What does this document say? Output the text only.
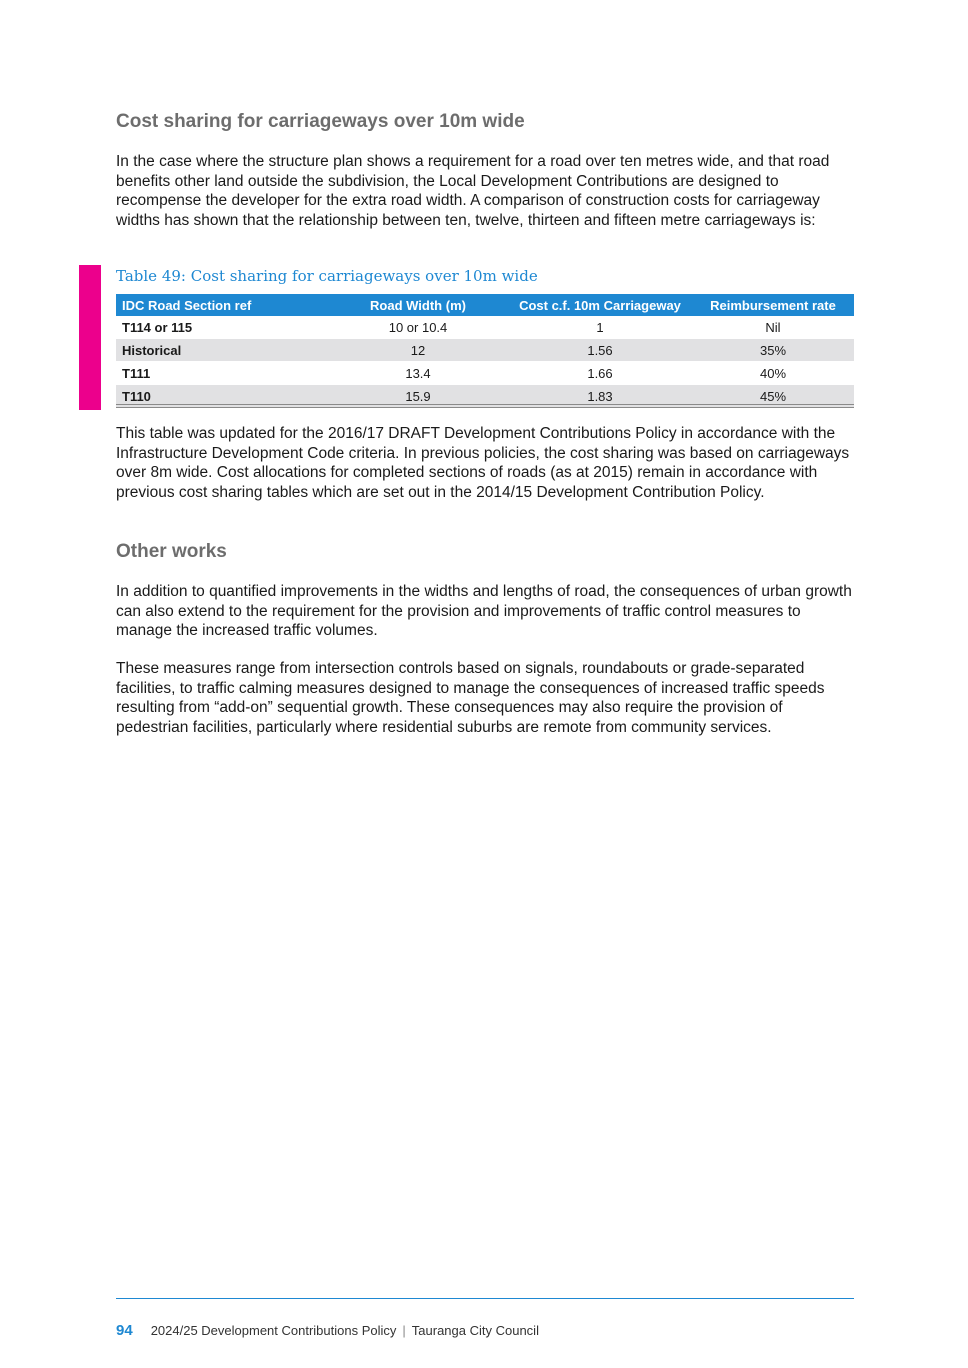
Cost sharing for carriageways over 10m wide

In the case where the structure plan shows a requirement for a road over ten metres wide, and that road benefits other land outside the subdivision, the Local Development Contributions are designed to recompense the developer for the extra road width. A comparison of construction costs for carriageway widths has shown that the relationship between ten, twelve, thirteen and fifteen metre carriageways is:

Table 49: Cost sharing for carriageways over 10m wide
IDC Road Section ref	Road Width (m)	Cost c.f. 10m Carriageway	Reimbursement rate
T114 or 115	10 or 10.4	1	Nil
Historical	12	1.56	35%
T111	13.4	1.66	40%
T110	15.9	1.83	45%

This table was updated for the 2016/17 DRAFT Development Contributions Policy in accordance with the Infrastructure Development Code criteria. In previous policies, the cost sharing was based on carriageways over 8m wide. Cost allocations for completed sections of roads (as at 2015) remain in accordance with previous cost sharing tables which are set out in the 2014/15 Development Contribution Policy.

Other works

In addition to quantified improvements in the widths and lengths of road, the consequences of urban growth can also extend to the requirement for the provision and improvements of traffic control measures to manage the increased traffic volumes.

These measures range from intersection controls based on signals, roundabouts or grade-separated facilities, to traffic calming measures designed to manage the consequences of increased traffic speeds resulting from “add-on” sequential growth. These consequences may also require the provision of pedestrian facilities, particularly where residential suburbs are remote from community services.

94 2024/25 Development Contributions Policy | Tauranga City Council
